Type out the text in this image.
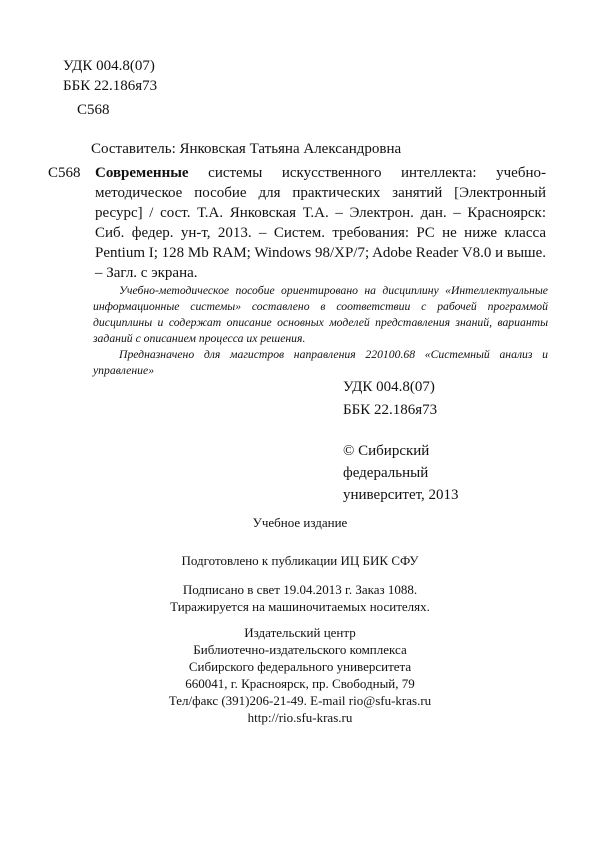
УДК 004.8(07)
ББК 22.186я73
С568
Составитель: Янковская Татьяна Александровна
С568 Современные системы искусственного интеллекта: учебно-методическое пособие для практических занятий [Электронный ресурс] / сост. Т.А. Янковская Т.А. – Электрон. дан. – Красноярск: Сиб. федер. ун-т, 2013. – Систем. требования: PC не ниже класса Pentium I; 128 Mb RAM; Windows 98/XP/7; Adobe Reader V8.0 и выше. – Загл. с экрана.

Учебно-методическое пособие ориентировано на дисциплину «Интеллектуальные информационные системы» составлено в соответствии с рабочей программой дисциплины и содержат описание основных моделей представления знаний, варианты заданий с описанием процесса их решения.

Предназначено для магистров направления 220100.68 «Системный анализ и управление»

УДК 004.8(07)
ББК 22.186я73
© Сибирский
федеральный
университет, 2013
Учебное издание
Подготовлено к публикации ИЦ БИК СФУ
Подписано в свет 19.04.2013 г. Заказ 1088.
Тиражируется на машиночитаемых носителях.
Издательский центр
Библиотечно-издательского комплекса
Сибирского федерального университета
660041, г. Красноярск, пр. Свободный, 79
Тел/факс (391)206-21-49. E-mail rio@sfu-kras.ru
http://rio.sfu-kras.ru
